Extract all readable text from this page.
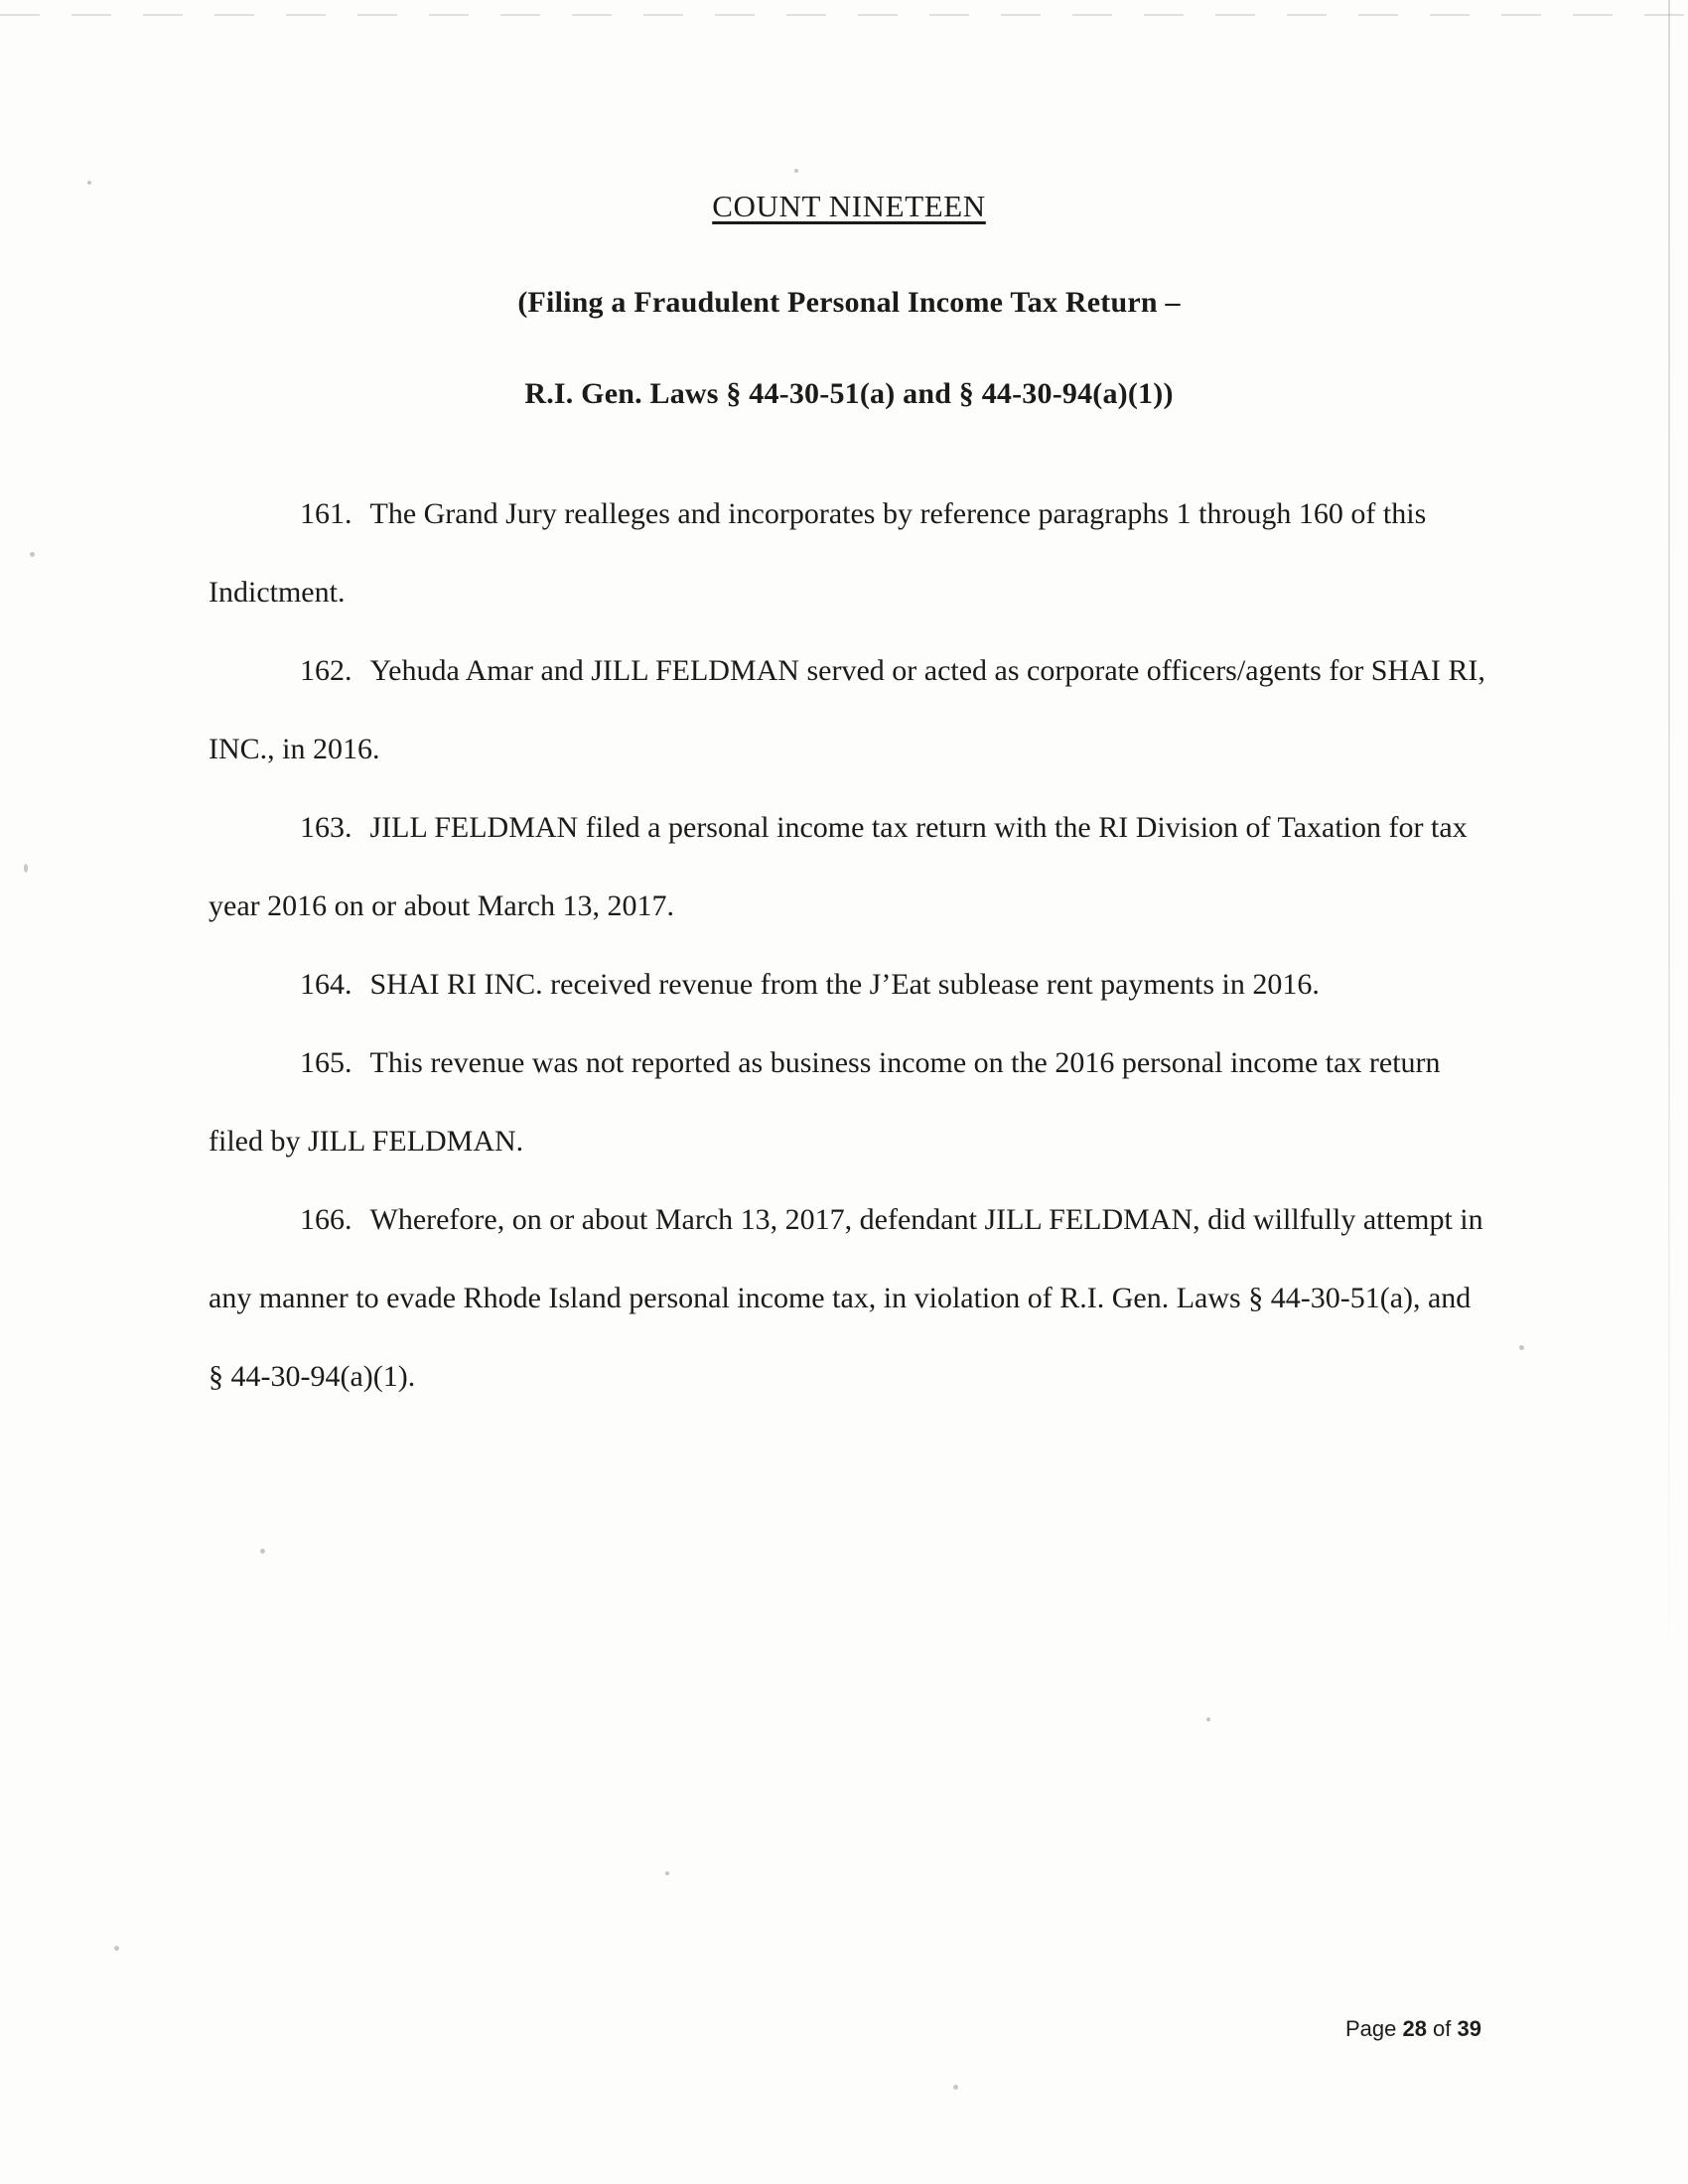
COUNT NINETEEN
(Filing a Fraudulent Personal Income Tax Return –
R.I. Gen. Laws § 44-30-51(a) and § 44-30-94(a)(1))

161. The Grand Jury realleges and incorporates by reference paragraphs 1 through 160 of this Indictment.

162. Yehuda Amar and JILL FELDMAN served or acted as corporate officers/agents for SHAI RI, INC., in 2016.

163. JILL FELDMAN filed a personal income tax return with the RI Division of Taxation for tax year 2016 on or about March 13, 2017.

164. SHAI RI INC. received revenue from the J’Eat sublease rent payments in 2016.

165. This revenue was not reported as business income on the 2016 personal income tax return filed by JILL FELDMAN.

166. Wherefore, on or about March 13, 2017, defendant JILL FELDMAN, did willfully attempt in any manner to evade Rhode Island personal income tax, in violation of R.I. Gen. Laws § 44-30-51(a), and § 44-30-94(a)(1).

Page 28 of 39
